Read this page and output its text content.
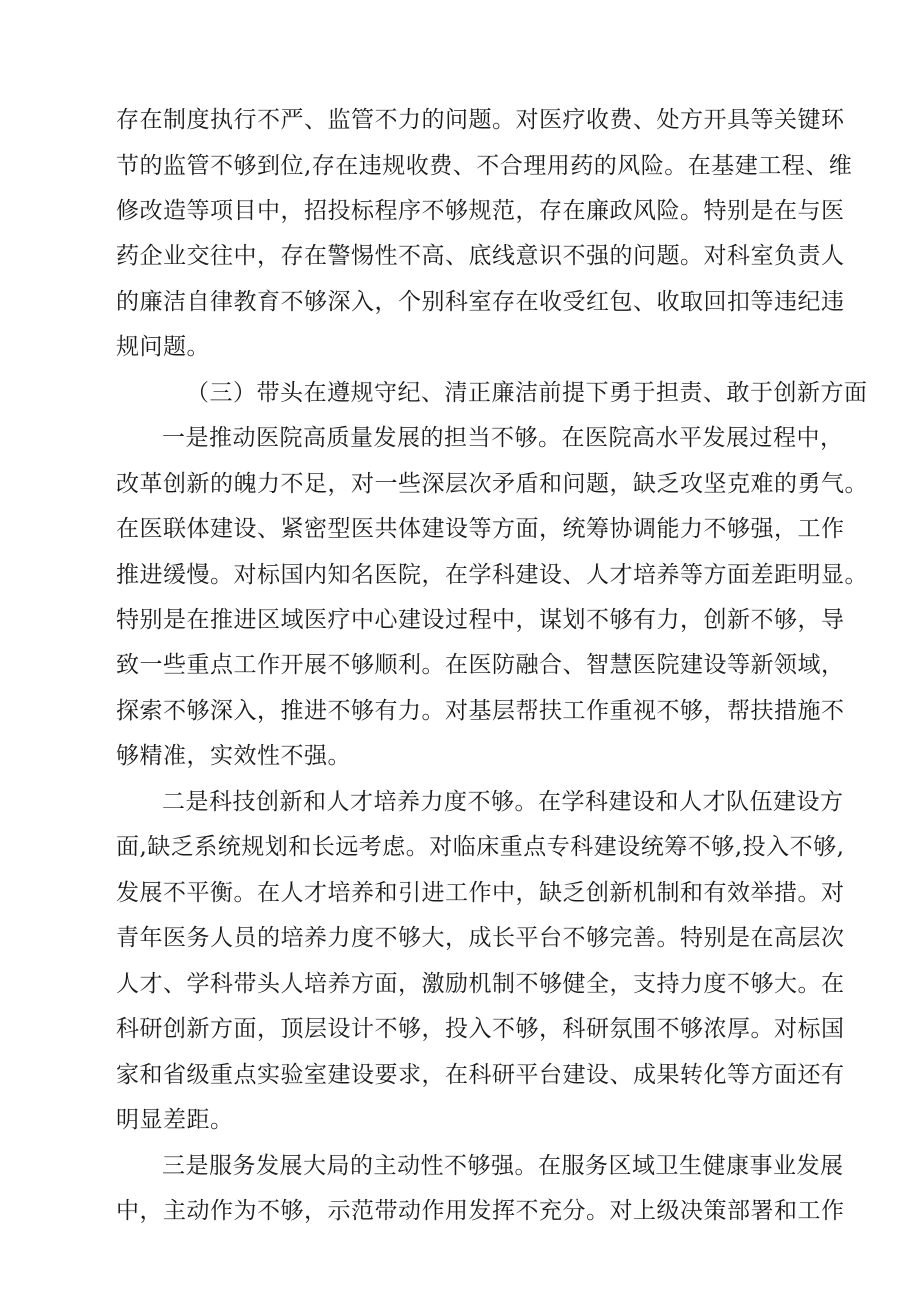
存在制度执行不严、监管不力的问题。对医疗收费、处方开具等关键环
节的监管不够到位,存在违规收费、不合理用药的风险。在基建工程、维
修改造等项目中，招投标程序不够规范，存在廉政风险。特别是在与医
药企业交往中，存在警惕性不高、底线意识不强的问题。对科室负责人
的廉洁自律教育不够深入，个别科室存在收受红包、收取回扣等违纪违
规问题。
（三）带头在遵规守纪、清正廉洁前提下勇于担责、敢于创新方面
一是推动医院高质量发展的担当不够。在医院高水平发展过程中，
改革创新的魄力不足，对一些深层次矛盾和问题，缺乏攻坚克难的勇气。
在医联体建设、紧密型医共体建设等方面，统筹协调能力不够强，工作
推进缓慢。对标国内知名医院，在学科建设、人才培养等方面差距明显。
特别是在推进区域医疗中心建设过程中，谋划不够有力，创新不够，导
致一些重点工作开展不够顺利。在医防融合、智慧医院建设等新领域，
探索不够深入，推进不够有力。对基层帮扶工作重视不够，帮扶措施不
够精准，实效性不强。
二是科技创新和人才培养力度不够。在学科建设和人才队伍建设方
面,缺乏系统规划和长远考虑。对临床重点专科建设统筹不够,投入不够,
发展不平衡。在人才培养和引进工作中，缺乏创新机制和有效举措。对
青年医务人员的培养力度不够大，成长平台不够完善。特别是在高层次
人才、学科带头人培养方面，激励机制不够健全，支持力度不够大。在
科研创新方面，顶层设计不够，投入不够，科研氛围不够浓厚。对标国
家和省级重点实验室建设要求，在科研平台建设、成果转化等方面还有
明显差距。
三是服务发展大局的主动性不够强。在服务区域卫生健康事业发展
中，主动作为不够，示范带动作用发挥不充分。对上级决策部署和工作
